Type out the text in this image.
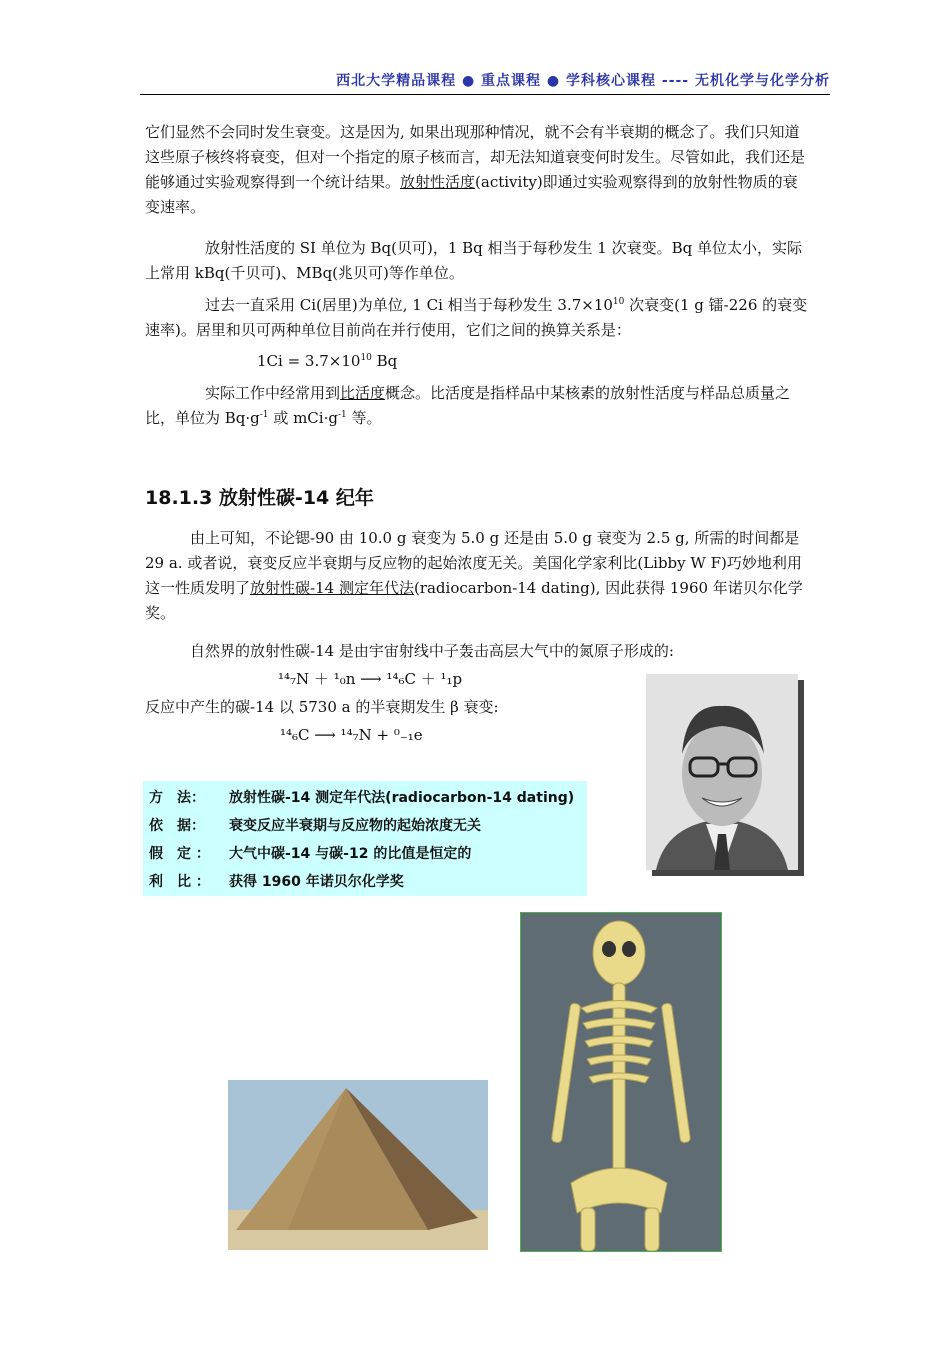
西北大学精品课程 ● 重点课程 ● 学科核心课程 ---- 无机化学与化学分析

它们显然不会同时发生衰变。这是因为, 如果出现那种情况，就不会有半衰期的概念了。我们只知道这些原子核终将衰变，但对一个指定的原子核而言，却无法知道衰变何时发生。尽管如此，我们还是能够通过实验观察得到一个统计结果。放射性活度(activity)即通过实验观察得到的放射性物质的衰变速率。

放射性活度的 SI 单位为 Bq(贝可)，1 Bq 相当于每秒发生 1 次衰变。Bq 单位太小，实际上常用 kBq(千贝可)、MBq(兆贝可)等作单位。

过去一直采用 Ci(居里)为单位, 1 Ci 相当于每秒发生 $3.7\times 10^{10}$ 次衰变(1 g 镭-226 的衰变速率)。居里和贝可两种单位目前尚在并行使用，它们之间的换算关系是：

$1Ci = 3.7\times 10^{10}$ Bq

实际工作中经常用到比活度概念。比活度是指样品中某核素的放射性活度与样品总质量之比，单位为 $Bq\cdot g^{-1}$ 或 $mCi\cdot g^{-1}$ 等。

18.1.3 放射性碳-14 纪年

由上可知，不论锶-90 由 10.0 g 衰变为 5.0 g 还是由 5.0 g 衰变为 2.5 g, 所需的时间都是 29 a. 或者说，衰变反应半衰期与反应物的起始浓度无关。美国化学家利比(Libby W F)巧妙地利用这一性质发明了放射性碳-14 测定年代法(radiocarbon-14 dating), 因此获得 1960 年诺贝尔化学奖。

自然界的放射性碳-14 是由宇宙射线中子轰击高层大气中的氮原子形成的:

¹⁴₇N ＋ ¹₀n ⟶ ¹⁴₆C ＋ ¹₁p

反应中产生的碳-14 以 5730 a 的半衰期发生 β 衰变:

¹⁴₆C ⟶ ¹⁴₇N + ⁰₋₁e
方　法： 放射性碳-14 测定年代法(radiocarbon-14 dating)
依　据： 衰变反应半衰期与反应物的起始浓度无关
假　定 ： 大气中碳-14 与碳-12 的比值是恒定的
利　比 ： 获得 1960 年诺贝尔化学奖
